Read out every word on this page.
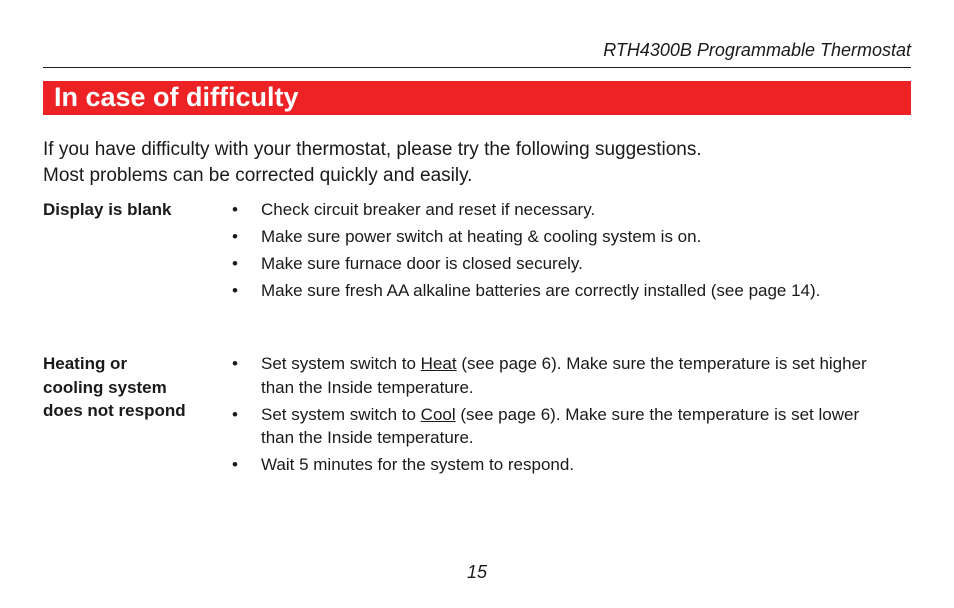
RTH4300B Programmable Thermostat
In case of difficulty

If you have difficulty with your thermostat, please try the following suggestions.

Most problems can be corrected quickly and easily.

Display is blank	• Check circuit breaker and reset if necessary.
• Make sure power switch at heating & cooling system is on.
• Make sure furnace door is closed securely.
• Make sure fresh AA alkaline batteries are correctly installed (see page 14).
Heating or
cooling system
does not respond
• Set system switch to Heat (see page 6). Make sure the temperature is set higher than the Inside temperature.
• Set system switch to Cool (see page 6). Make sure the temperature is set lower than the Inside temperature.
• Wait 5 minutes for the system to respond.
15
